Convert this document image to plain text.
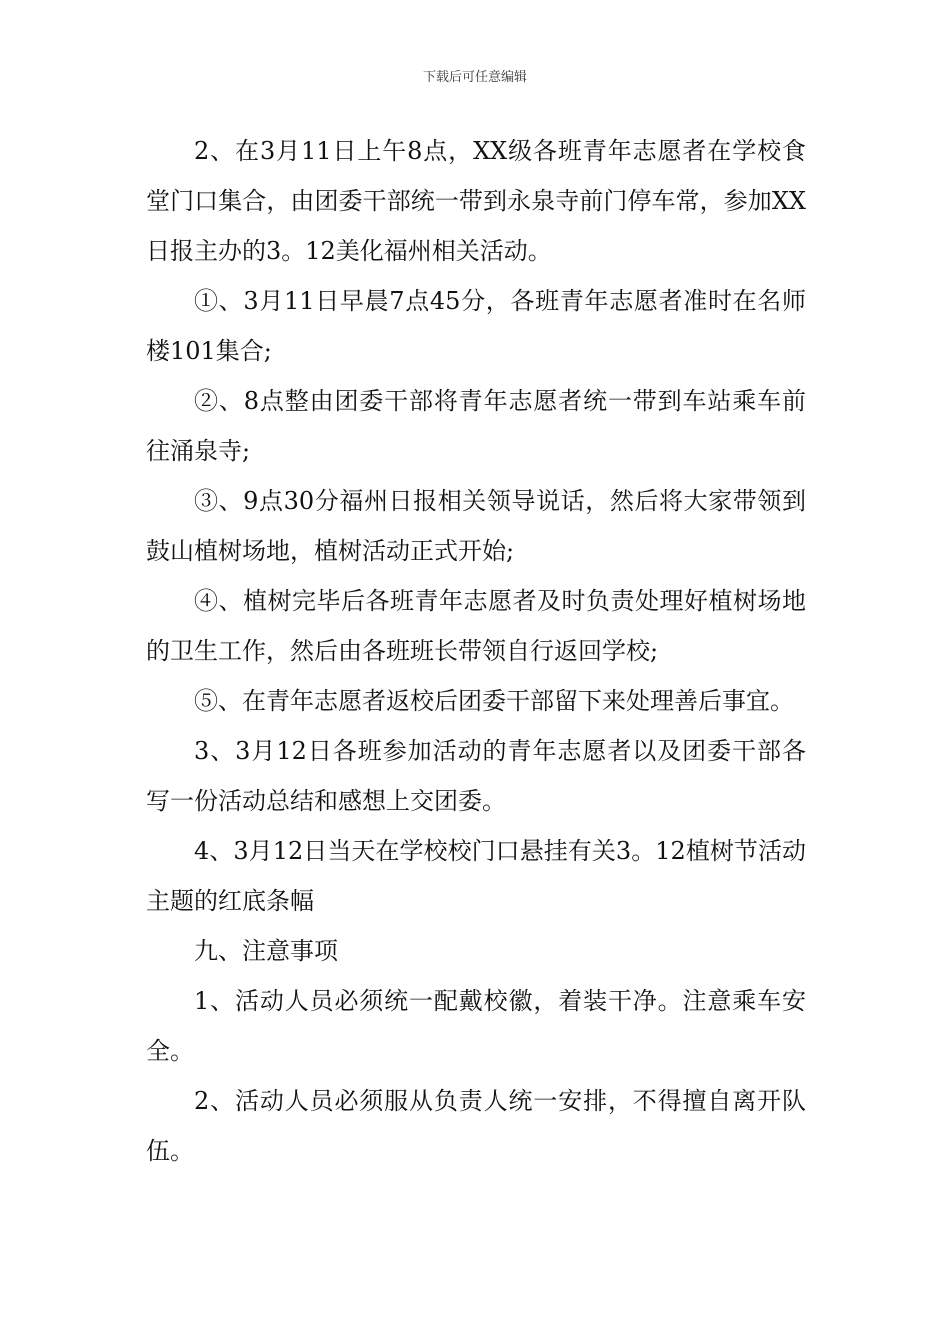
下载后可任意编辑

2、在3月11日上午8点，XX级各班青年志愿者在学校食堂门口集合，由团委干部统一带到永泉寺前门停车常，参加XX日报主办的3。12美化福州相关活动。

①、3月11日早晨7点45分，各班青年志愿者准时在名师楼101集合;

②、8点整由团委干部将青年志愿者统一带到车站乘车前往涌泉寺;

③、9点30分福州日报相关领导说话，然后将大家带领到鼓山植树场地，植树活动正式开始;

④、植树完毕后各班青年志愿者及时负责处理好植树场地的卫生工作，然后由各班班长带领自行返回学校;

⑤、在青年志愿者返校后团委干部留下来处理善后事宜。

3、3月12日各班参加活动的青年志愿者以及团委干部各写一份活动总结和感想上交团委。

4、3月12日当天在学校校门口悬挂有关3。12植树节活动主题的红底条幅

九、注意事项

1、活动人员必须统一配戴校徽，着装干净。注意乘车安全。

2、活动人员必须服从负责人统一安排，不得擅自离开队伍。
